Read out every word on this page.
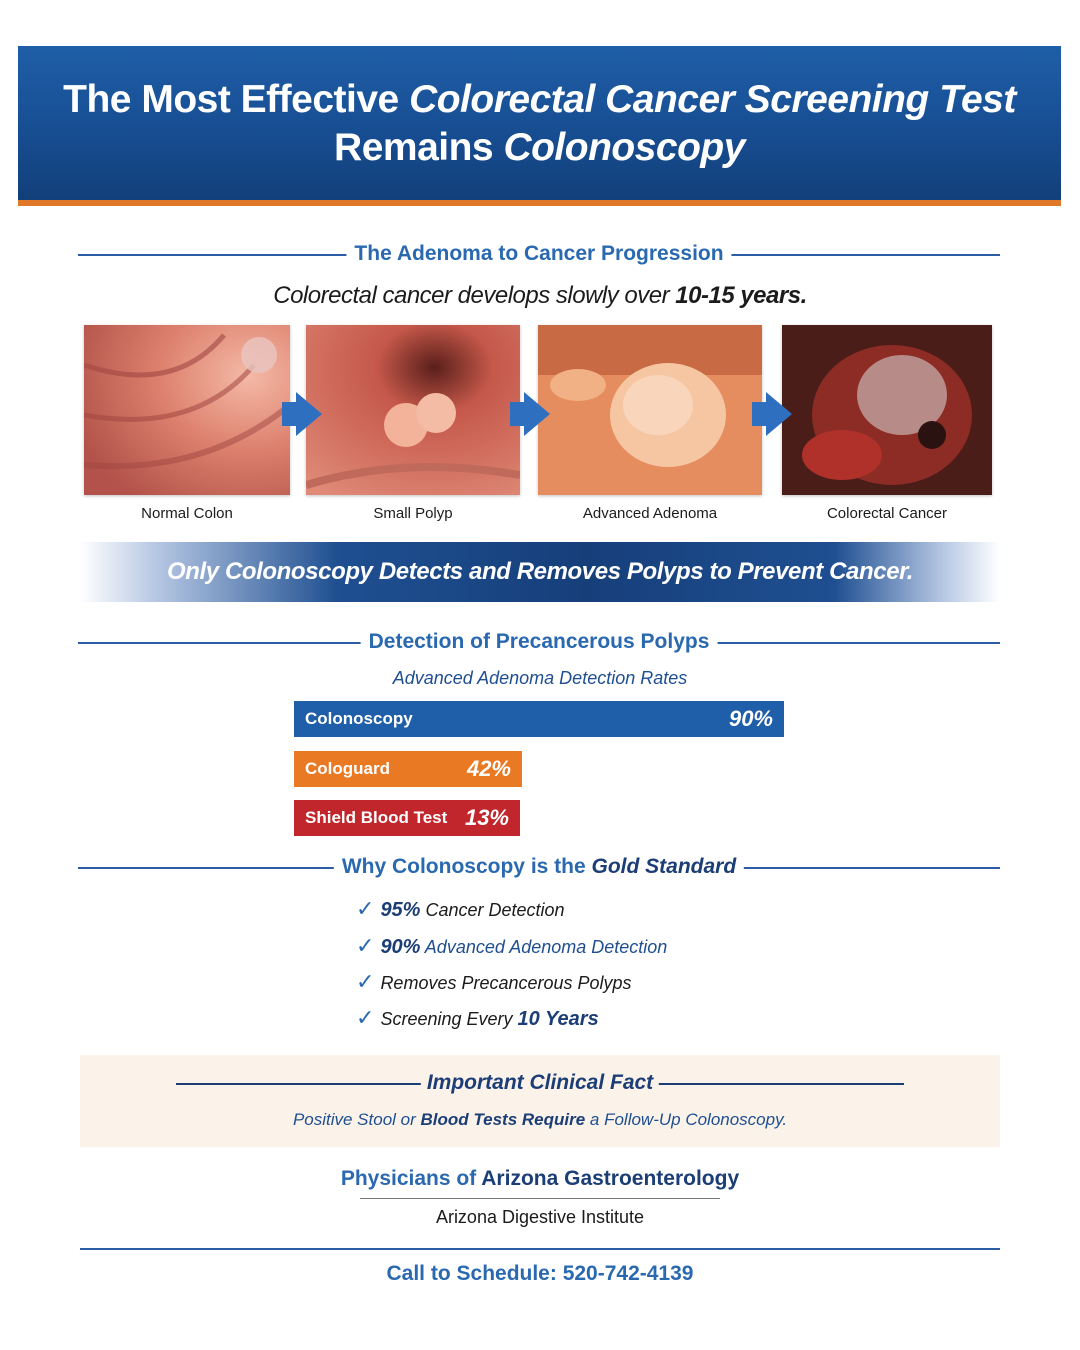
The Most Effective Colorectal Cancer Screening Test
Remains Colonoscopy
The Adenoma to Cancer Progression
Colorectal cancer develops slowly over 10-15 years.
Normal Colon	Small Polyp	Advanced Adenoma	Colorectal Cancer
Only Colonoscopy Detects and Removes Polyps to Prevent Cancer.
Detection of Precancerous Polyps
Advanced Adenoma Detection Rates
Colonoscopy	90%
Cologuard	42%
Shield Blood Test 13%
Why Colonoscopy is the Gold Standard
✓ 95% Cancer Detection
✓ 90% Advanced Adenoma Detection
✓ Removes Precancerous Polyps
✓ Screening Every 10 Years
Important Clinical Fact
Positive Stool or Blood Tests Require a Follow-Up Colonoscopy.
Physicians of Arizona Gastroenterology
Arizona Digestive Institute
Call to Schedule: 520-742-4139
